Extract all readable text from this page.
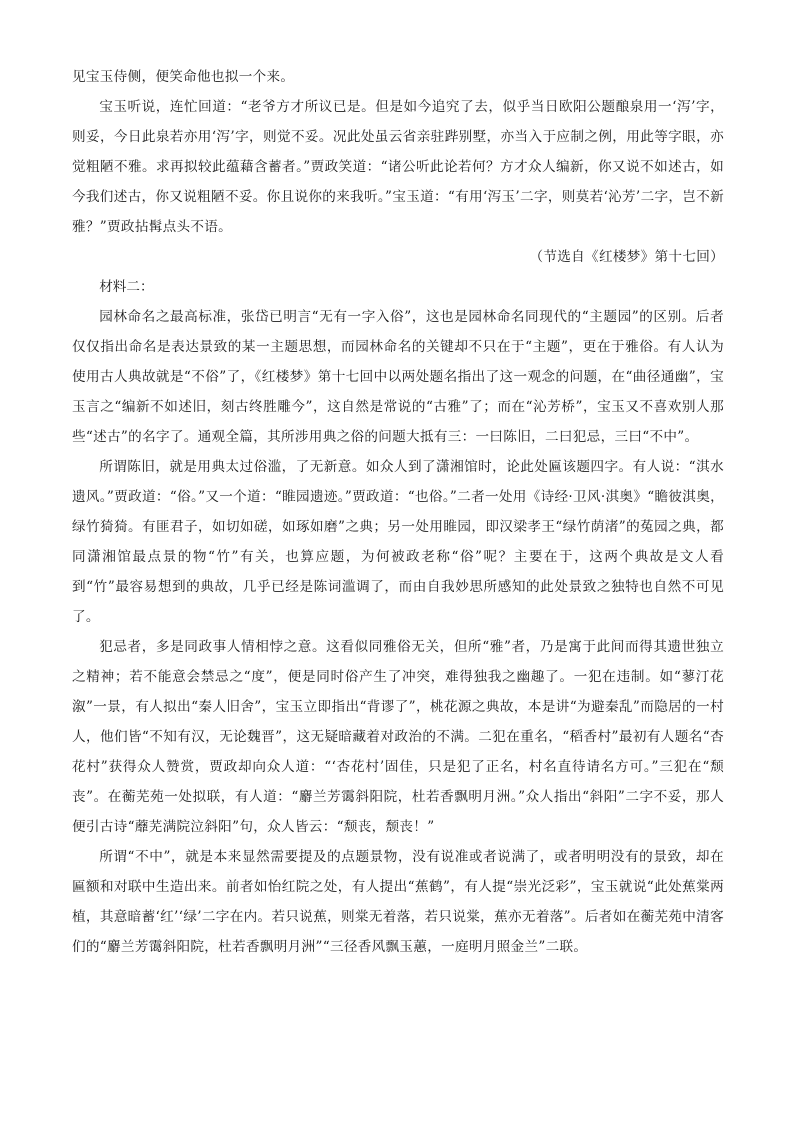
见宝玉侍侧，便笑命他也拟一个来。

宝玉听说，连忙回道：“老爷方才所议已是。但是如今追究了去，似乎当日欧阳公题酿泉用一‘泻’字，则妥，今日此泉若亦用‘泻’字，则觉不妥。况此处虽云省亲驻跸别墅，亦当入于应制之例，用此等字眼，亦觉粗陋不雅。求再拟较此蕴藉含蓄者。”贾政笑道：“诸公听此论若何？方才众人编新，你又说不如述古，如今我们述古，你又说粗陋不妥。你且说你的来我听。”宝玉道：“有用‘泻玉’二字，则莫若‘沁芳’二字，岂不新雅？”贾政拈髯点头不语。

（节选自《红楼梦》第十七回）

材料二：

园林命名之最高标准，张岱已明言“无有一字入俗”，这也是园林命名同现代的“主题园”的区别。后者仅仅指出命名是表达景致的某一主题思想，而园林命名的关键却不只在于“主题”，更在于雅俗。有人认为使用古人典故就是“不俗”了，《红楼梦》第十七回中以两处题名指出了这一观念的问题，在“曲径通幽”，宝玉言之“编新不如述旧，刻古终胜雕今”，这自然是常说的“古雅”了；而在“沁芳桥”，宝玉又不喜欢别人那些“述古”的名字了。通观全篇，其所涉用典之俗的问题大抵有三：一曰陈旧，二曰犯忌，三曰“不中”。

所谓陈旧，就是用典太过俗滥，了无新意。如众人到了潇湘馆时，论此处匾该题四字。有人说：“淇水遗风。”贾政道：“俗。”又一个道：“睢园遗迹。”贾政道：“也俗。”二者一处用《诗经·卫风·淇奥》“瞻彼淇奥，绿竹猗猗。有匪君子，如切如磋，如琢如磨”之典；另一处用睢园，即汉梁孝王“绿竹荫渚”的菟园之典，都同潇湘馆最点景的物“竹”有关，也算应题，为何被政老称“俗”呢？主要在于，这两个典故是文人看到“竹”最容易想到的典故，几乎已经是陈词滥调了，而由自我妙思所感知的此处景致之独特也自然不可见了。

犯忌者，多是同政事人情相悖之意。这看似同雅俗无关，但所“雅”者，乃是寓于此间而得其遗世独立之精神；若不能意会禁忌之“度”，便是同时俗产生了冲突，难得独我之幽趣了。一犯在违制。如“蓼汀花溆”一景，有人拟出“秦人旧舍”，宝玉立即指出“背谬了”，桃花源之典故，本是讲“为避秦乱”而隐居的一村人，他们皆“不知有汉，无论魏晋”，这无疑暗藏着对政治的不满。二犯在重名，“稻香村”最初有人题名“杏花村”获得众人赞赏，贾政却向众人道：“‘杏花村’固佳，只是犯了正名，村名直待请名方可。”三犯在“颓丧”。在蘅芜苑一处拟联，有人道：“麝兰芳霭斜阳院，杜若香飘明月洲。”众人指出“斜阳”二字不妥，那人便引古诗“蘼芜满院泣斜阳”句，众人皆云：“颓丧，颓丧！”

所谓“不中”，就是本来显然需要提及的点题景物，没有说准或者说满了，或者明明没有的景致，却在匾额和对联中生造出来。前者如怡红院之处，有人提出“蕉鹤”，有人提“崇光泛彩”，宝玉就说“此处蕉棠两植，其意暗蓄‘红’‘绿’二字在内。若只说蕉，则棠无着落，若只说棠，蕉亦无着落”。后者如在蘅芜苑中清客们的“麝兰芳霭斜阳院，杜若香飘明月洲”“三径香风飘玉蕙，一庭明月照金兰”二联。
